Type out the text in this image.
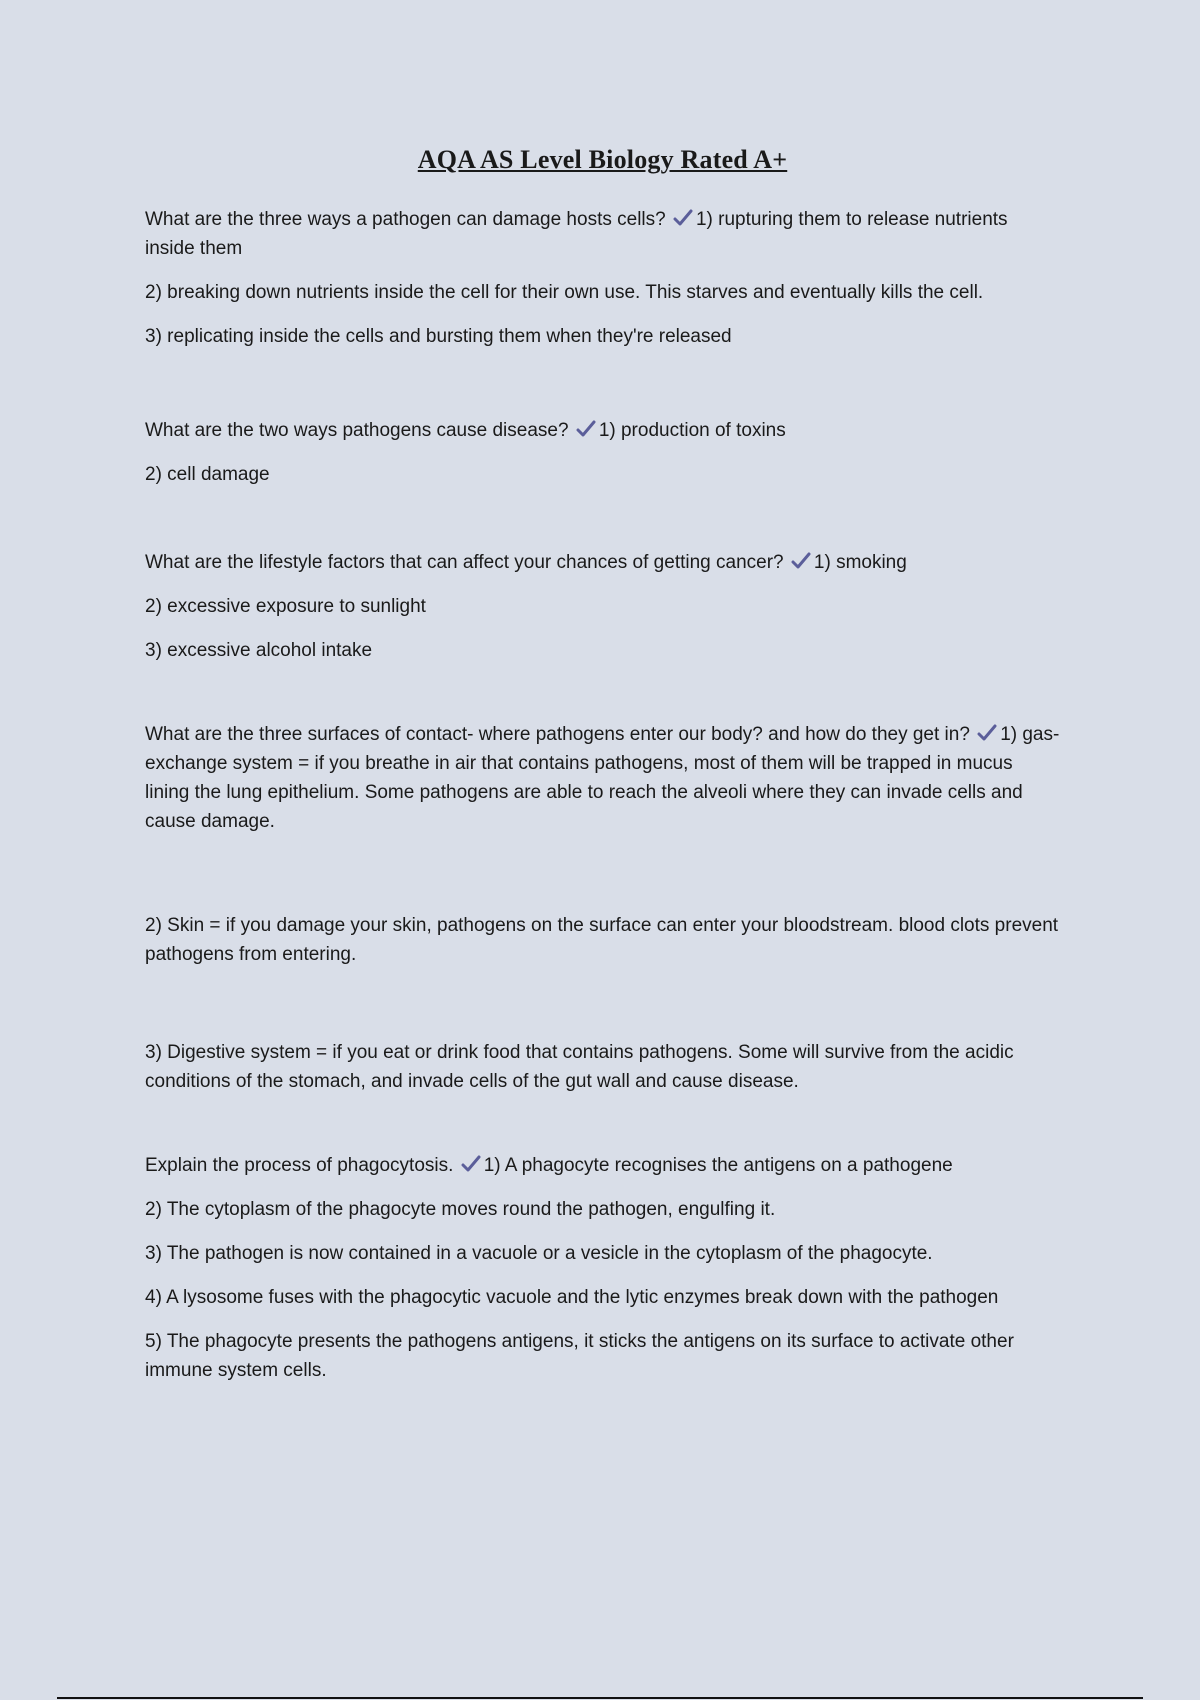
AQA AS Level Biology Rated A+

What are the three ways a pathogen can damage hosts cells? 1) rupturing them to release nutrients inside them

2) breaking down nutrients inside the cell for their own use. This starves and eventually kills the cell.

3) replicating inside the cells and bursting them when they're released

What are the two ways pathogens cause disease? 1) production of toxins

2) cell damage

What are the lifestyle factors that can affect your chances of getting cancer? 1) smoking

2) excessive exposure to sunlight

3) excessive alcohol intake

What are the three surfaces of contact- where pathogens enter our body? and how do they get in? 1) gas-exchange system = if you breathe in air that contains pathogens, most of them will be trapped in mucus lining the lung epithelium. Some pathogens are able to reach the alveoli where they can invade cells and cause damage.

2) Skin = if you damage your skin, pathogens on the surface can enter your bloodstream. blood clots prevent pathogens from entering.

3) Digestive system = if you eat or drink food that contains pathogens. Some will survive from the acidic conditions of the stomach, and invade cells of the gut wall and cause disease.

Explain the process of phagocytosis. 1) A phagocyte recognises the antigens on a pathogene

2) The cytoplasm of the phagocyte moves round the pathogen, engulfing it.

3) The pathogen is now contained in a vacuole or a vesicle in the cytoplasm of the phagocyte.

4) A lysosome fuses with the phagocytic vacuole and the lytic enzymes break down with the pathogen

5) The phagocyte presents the pathogens antigens, it sticks the antigens on its surface to activate other immune system cells.
